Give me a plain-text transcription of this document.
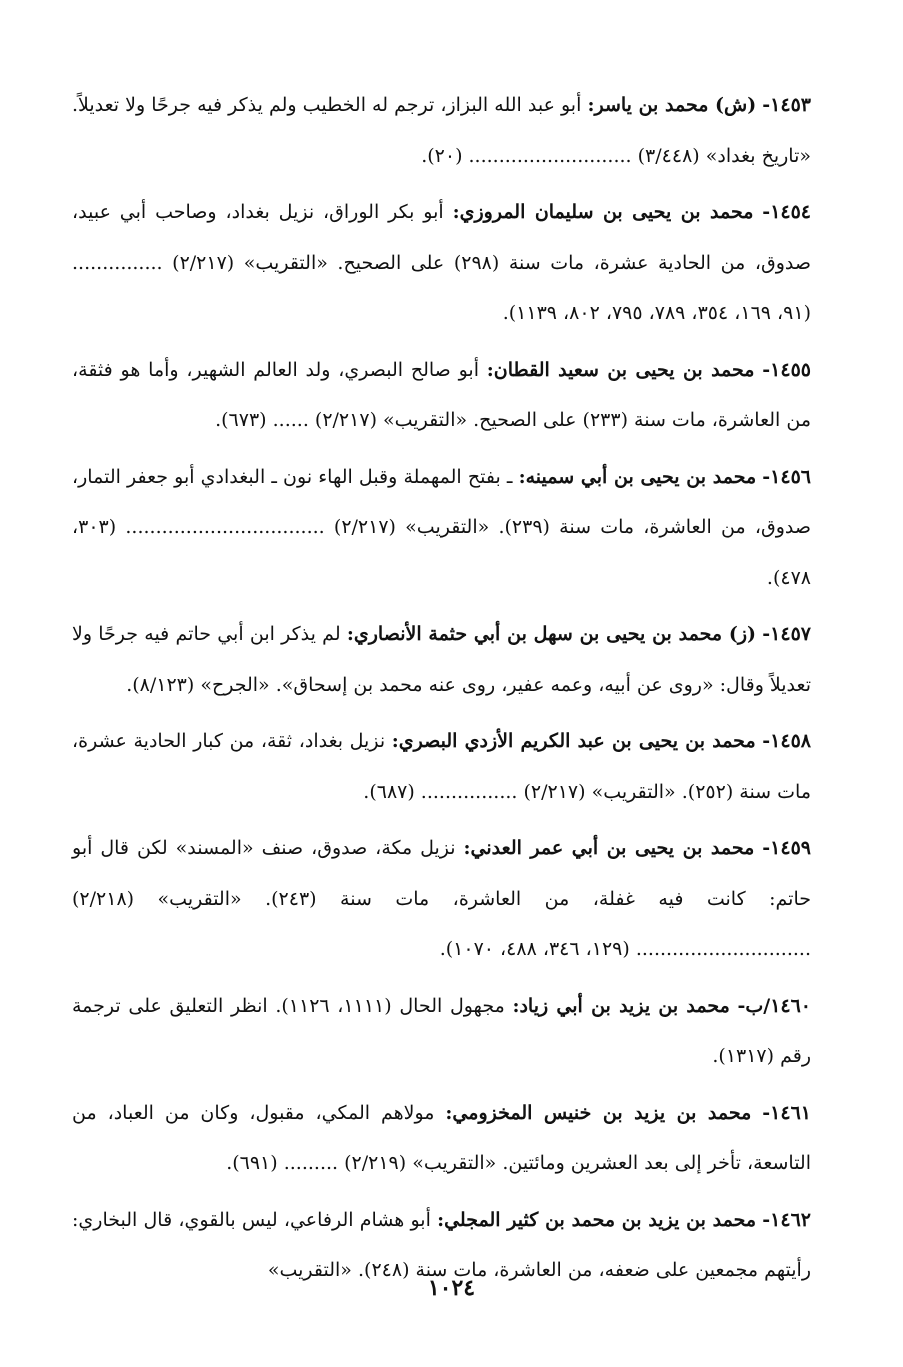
١٤٥٣- (ش) محمد بن ياسر: أبو عبد الله البزاز، ترجم له الخطيب ولم يذكر فيه جرحًا ولا تعديلاً. «تاريخ بغداد» (٣/٤٤٨) ........................... (٢٠).

١٤٥٤- محمد بن يحيى بن سليمان المروزي: أبو بكر الوراق، نزيل بغداد، وصاحب أبي عبيد، صدوق، من الحادية عشرة، مات سنة (٢٩٨) على الصحيح. «التقريب» (٢/٢١٧) ............... (٩١، ١٦٩، ٣٥٤، ٧٨٩، ٧٩٥، ٨٠٢، ١١٣٩).

١٤٥٥- محمد بن يحيى بن سعيد القطان: أبو صالح البصري، ولد العالم الشهير، وأما هو فثقة، من العاشرة، مات سنة (٢٣٣) على الصحيح. «التقريب» (٢/٢١٧) ...... (٦٧٣).

١٤٥٦- محمد بن يحيى بن أبي سمينه: ـ بفتح المهملة وقبل الهاء نون ـ البغدادي أبو جعفر التمار، صدوق، من العاشرة، مات سنة (٢٣٩). «التقريب» (٢/٢١٧) ................................. (٣٠٣، ٤٧٨).

١٤٥٧- (ز) محمد بن يحيى بن سهل بن أبي حثمة الأنصاري: لم يذكر ابن أبي حاتم فيه جرحًا ولا تعديلاً وقال: «روى عن أبيه، وعمه عفير، روى عنه محمد بن إسحاق». «الجرح» (٨/١٢٣).

١٤٥٨- محمد بن يحيى بن عبد الكريم الأزدي البصري: نزيل بغداد، ثقة، من كبار الحادية عشرة، مات سنة (٢٥٢). «التقريب» (٢/٢١٧) ................ (٦٨٧).

١٤٥٩- محمد بن يحيى بن أبي عمر العدني: نزيل مكة، صدوق، صنف «المسند» لكن قال أبو حاتم: كانت فيه غفلة، من العاشرة، مات سنة (٢٤٣). «التقريب» (٢/٢١٨) ............................. (١٢٩، ٣٤٦، ٤٨٨، ١٠٧٠).

١٤٦٠/ب- محمد بن يزيد بن أبي زياد: مجهول الحال (١١١١، ١١٢٦). انظر التعليق على ترجمة رقم (١٣١٧).

١٤٦١- محمد بن يزيد بن خنيس المخزومي: مولاهم المكي، مقبول، وكان من العباد، من التاسعة، تأخر إلى بعد العشرين ومائتين. «التقريب» (٢/٢١٩) ......... (٦٩١).

١٤٦٢- محمد بن يزيد بن محمد بن كثير المجلي: أبو هشام الرفاعي، ليس بالقوي، قال البخاري: رأيتهم مجمعين على ضعفه، من العاشرة، مات سنة (٢٤٨). «التقريب»

١٠٢٤
